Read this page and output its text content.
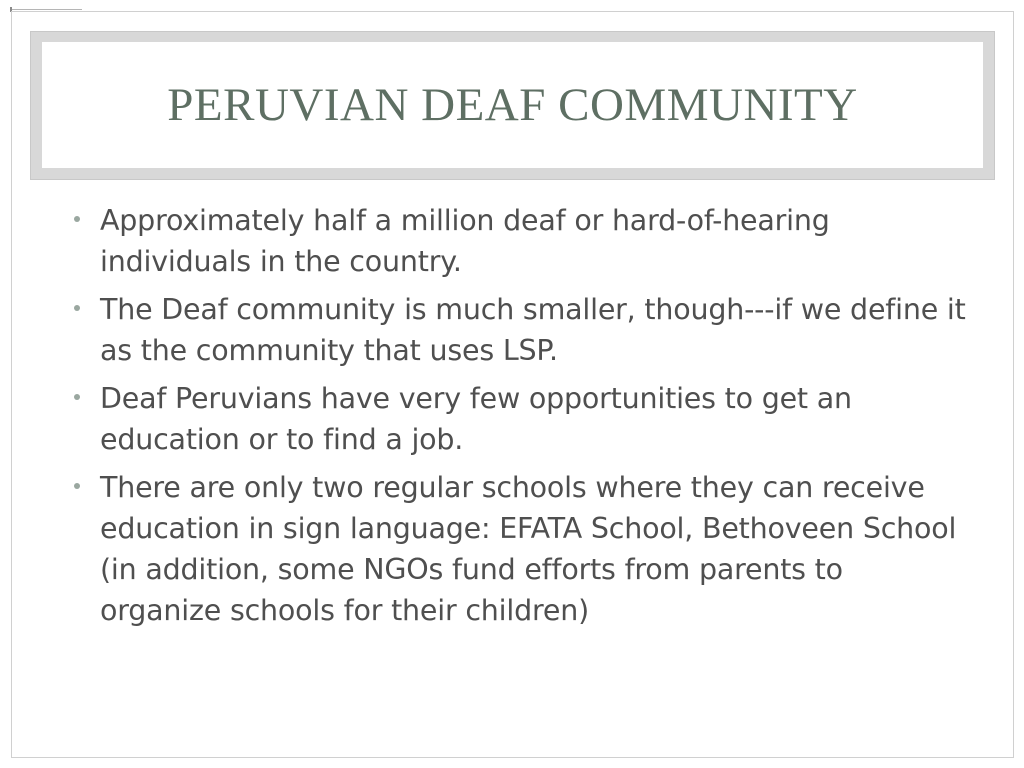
PERUVIAN DEAF COMMUNITY
Approximately half a million deaf or hard-of-hearing individuals in the country.
The Deaf community is much smaller, though---if we define it as the community that uses LSP.
Deaf Peruvians have very few opportunities to get an education or to find a job.
There are only two regular schools where they can receive education in sign language: EFATA School, Bethoveen School (in addition, some NGOs fund efforts from parents to organize schools for their children)
